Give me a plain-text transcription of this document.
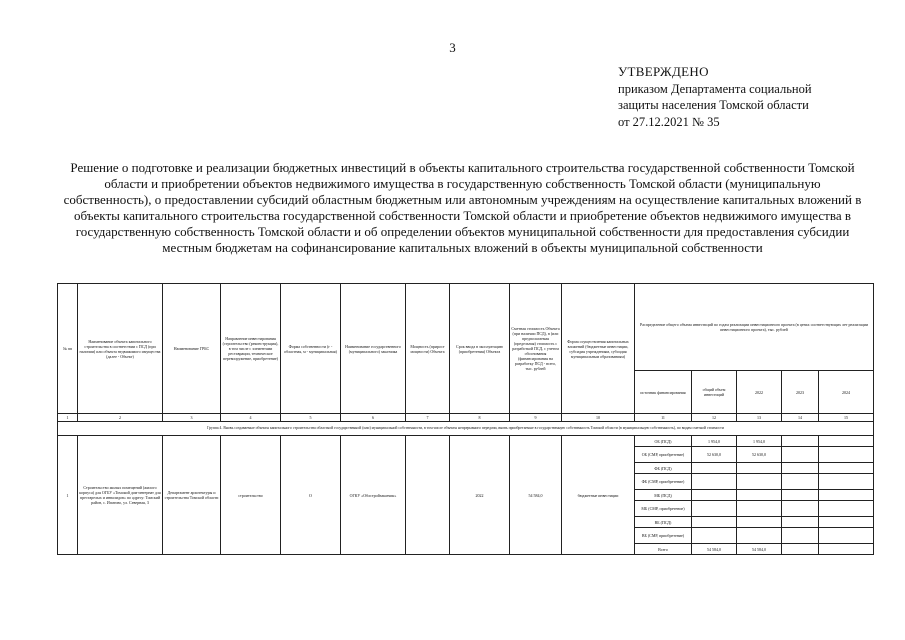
3
УТВЕРЖДЕНО
приказом Департамента социальной
защиты населения Томской области
от 27.12.2021 № 35
Решение о подготовке и реализации бюджетных инвестиций в объекты капитального строительства государственной собственности Томской области и приобретении объектов недвижимого имущества в государственную собственность Томской области (муниципальную собственность), о предоставлении субсидий областным бюджетным или автономным учреждениям на осуществление капитальных вложений в объекты капитального строительства государственной собственности Томской области и приобретение объектов недвижимого имущества в государственную собственность Томской области и об определении объектов муниципальной собственности для предоставления субсидии местным бюджетам на софинансирование капитальных вложений в объекты муниципальной собственности
№ пп	Наименование объекта капитального строительства в соответствии с ПСД (при наличии) или объекта недвижимого имущества (далее - Объект)	Наименование ГРБС	Направление инвестирования (строительство (реконструкция), в том числе с элементами реставрации, техническое перевооружение, приобретение)	Форма собственности (г - областная, м - муниципальная)	Наименование государственного (муниципального) заказчика	Мощность (прирост мощности) Объекта	Срок ввода в эксплуатацию (приобретения) Объекта	Сметная стоимость Объекта (при наличии ПСД), в (или предполагаемая (предельная) стоимость с разработкой ПСД, с учетом обоснования (финансирования на разработку ПСД - всего, тыс. рублей	Форма осуществления капитальных вложений (бюджетные инвестиции, субсидия учреждениям, субсидия муниципальным образованиям)	Распределение общего объема инвестиций по годам реализации инвестиционного проекта (в ценах соответствующих лет реализации инвестиционного проекта), тыс. рублей				
										источник финансирования	общий объем инвестиций	2022	2023	2024
1	2	3	4	5	6	7	8	9	10	11	12	13	14	15
Группа 4. Вновь создаваемые объекты капитального строительства областной государственной (или) муниципальной собственности, в том числе объекты непрерывного передачи, вновь приобретаемые в государственную собственность Томской области (в муниципальную собственность), по видам сметной стоимости														
1	Строительство жилых помещений (жилого корпуса) для ОГБУ «Томский дом-интернат для престарелых и инвалидов» по адресу: Томский район, с. Ипатово, ул. Северная, 3	Департамент архитектуры и строительства Томской области	строительство	О	ОГКУ «Облстройзаказчик»		2022	54 584,0	бюджетные инвестиции	ОБ (ПСД)	1 954,0	1 954,0		
										ОБ (СМР, приобретение)	52 630,0	52 630,0		
										ФБ (ПСД)				
										ФБ (СМР, приобретение)				
										МБ (ПСД)				
										МБ (СМР, приобретение)				
										ВБ (ПСД)				
										ВБ (СМР, приобретение)				
										Всего	54 584,0	54 584,0		
